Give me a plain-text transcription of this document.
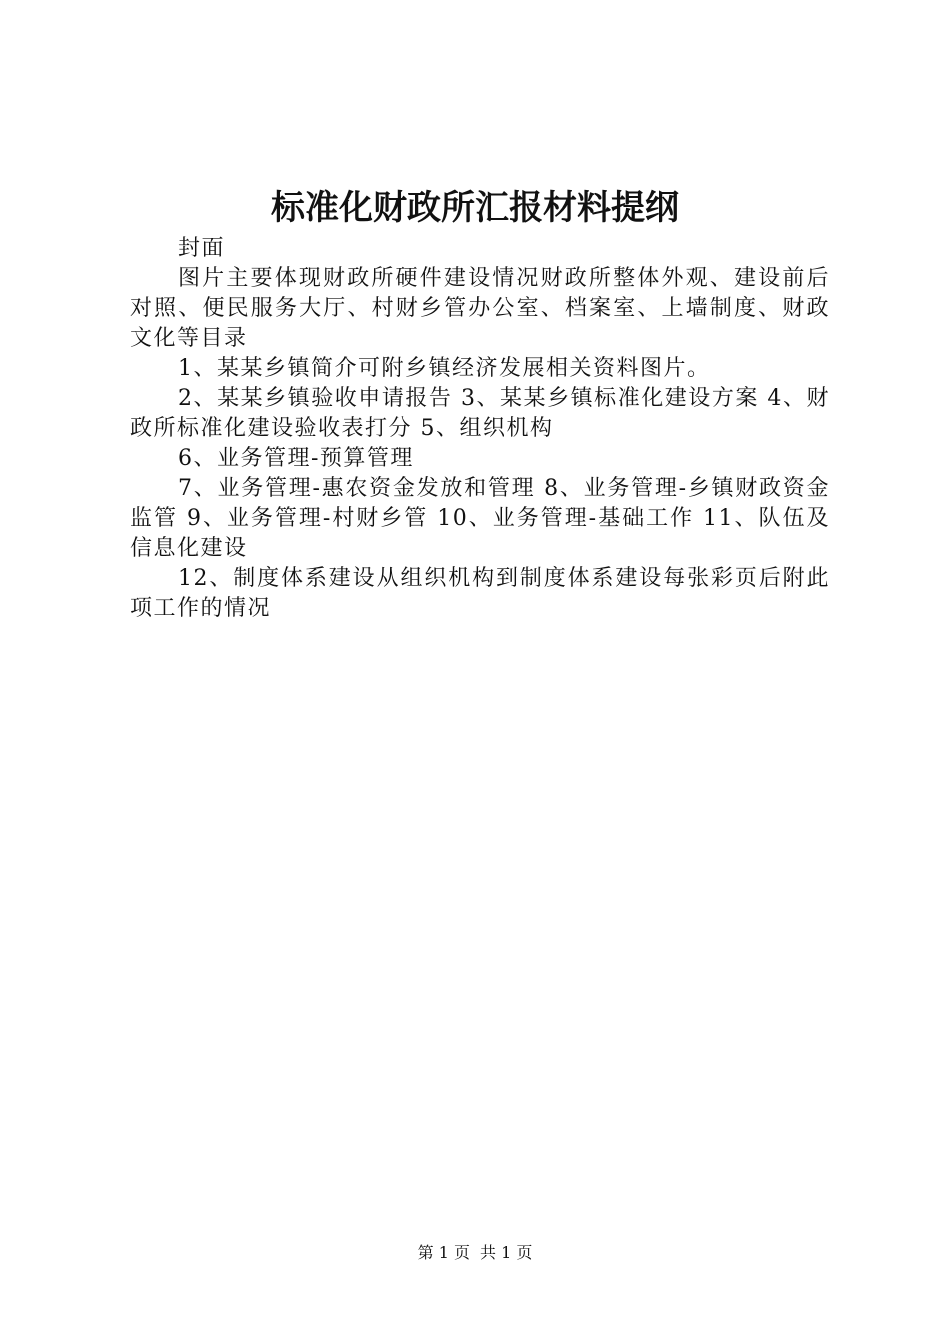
标准化财政所汇报材料提纲

封面

图片主要体现财政所硬件建设情况财政所整体外观、建设前后对照、便民服务大厅、村财乡管办公室、档案室、上墙制度、财政文化等目录

1、某某乡镇简介可附乡镇经济发展相关资料图片。

2、某某乡镇验收申请报告 3、某某乡镇标准化建设方案 4、财政所标准化建设验收表打分 5、组织机构

6、业务管理-预算管理

7、业务管理-惠农资金发放和管理 8、业务管理-乡镇财政资金监管 9、业务管理-村财乡管 10、业务管理-基础工作 11、队伍及信息化建设

12、制度体系建设从组织机构到制度体系建设每张彩页后附此项工作的情况

第 1 页 共 1 页
